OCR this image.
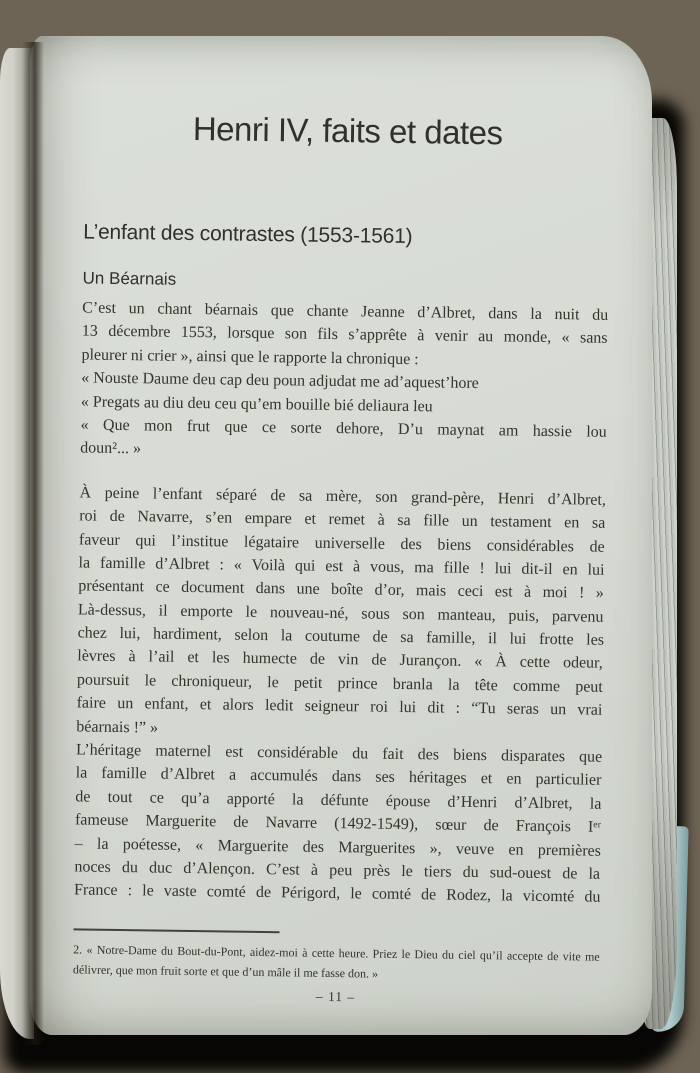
Henri IV, faits et dates
L’enfant des contrastes (1553-1561)
Un Béarnais
C’est un chant béarnais que chante Jeanne d’Albret, dans la nuit du
13 décembre 1553, lorsque son fils s’apprête à venir au monde, « sans
pleurer ni crier », ainsi que le rapporte la chronique :
« Nouste Daume deu cap deu poun adjudat me ad’aquest’hore
« Pregats au diu deu ceu qu’em bouille bié deliaura leu
« Que mon frut que ce sorte dehore, D’u maynat am hassie lou
doun²... »
À peine l’enfant séparé de sa mère, son grand-père, Henri d’Albret,
roi de Navarre, s’en empare et remet à sa fille un testament en sa
faveur qui l’institue légataire universelle des biens considérables de
la famille d’Albret : « Voilà qui est à vous, ma fille ! lui dit-il en lui
présentant ce document dans une boîte d’or, mais ceci est à moi ! »
Là-dessus, il emporte le nouveau-né, sous son manteau, puis, parvenu
chez lui, hardiment, selon la coutume de sa famille, il lui frotte les
lèvres à l’ail et les humecte de vin de Jurançon. « À cette odeur,
poursuit le chroniqueur, le petit prince branla la tête comme peut
faire un enfant, et alors ledit seigneur roi lui dit : “Tu seras un vrai
béarnais !” »
L’héritage maternel est considérable du fait des biens disparates que
la famille d’Albret a accumulés dans ses héritages et en particulier
de tout ce qu’a apporté la défunte épouse d’Henri d’Albret, la
fameuse Marguerite de Navarre (1492-1549), sœur de François Iᵉʳ
– la poétesse, « Marguerite des Marguerites », veuve en premières
noces du duc d’Alençon. C’est à peu près le tiers du sud-ouest de la
France : le vaste comté de Périgord, le comté de Rodez, la vicomté du
2. « Notre-Dame du Bout-du-Pont, aidez-moi à cette heure. Priez le Dieu du ciel qu’il accepte de vite me
délivrer, que mon fruit sorte et que d’un mâle il me fasse don. »
– 11 –
